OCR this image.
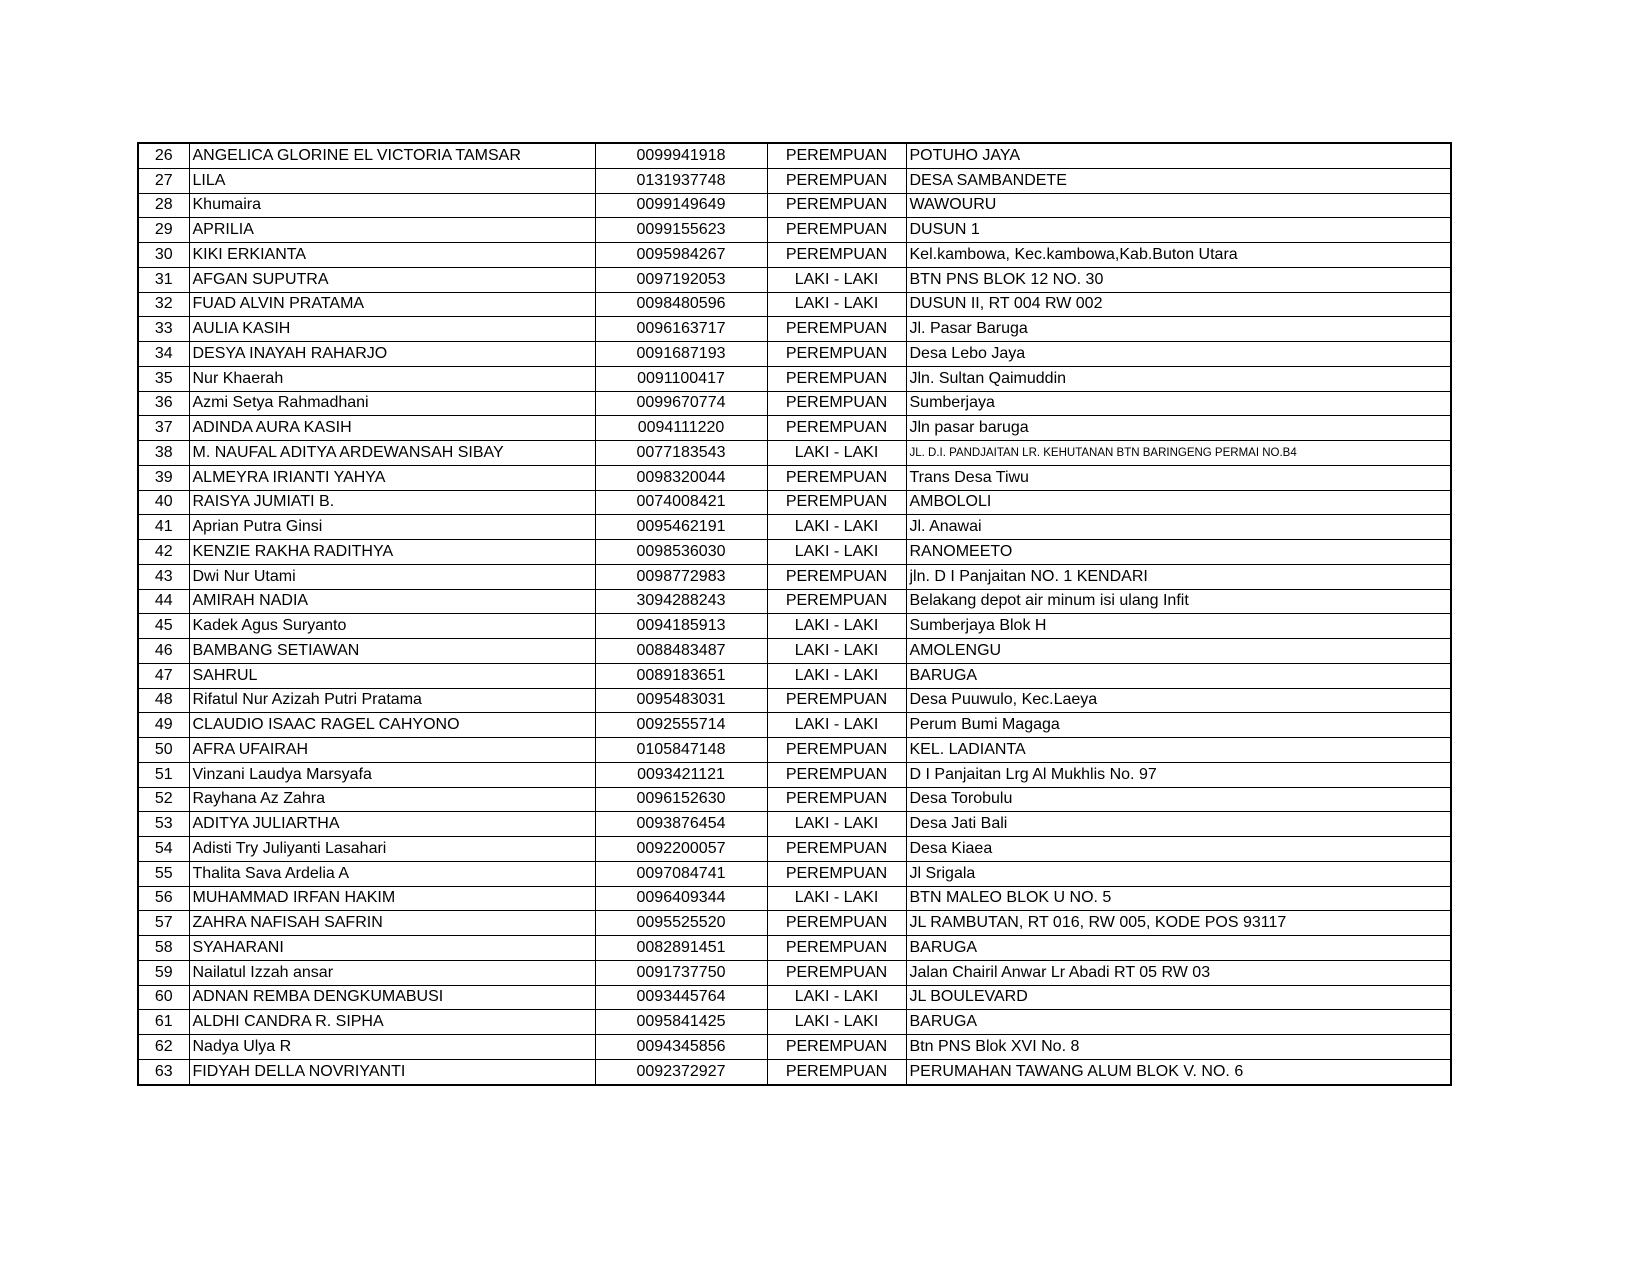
26	ANGELICA GLORINE EL VICTORIA TAMSAR	0099941918	PEREMPUAN	POTUHO JAYA
27	LILA	0131937748	PEREMPUAN	DESA SAMBANDETE
28	Khumaira	0099149649	PEREMPUAN	WAWOURU
29	APRILIA	0099155623	PEREMPUAN	DUSUN 1
30	KIKI ERKIANTA	0095984267	PEREMPUAN	Kel.kambowa, Kec.kambowa,Kab.Buton Utara
31	AFGAN SUPUTRA	0097192053	LAKI - LAKI	BTN PNS BLOK 12 NO. 30
32	FUAD ALVIN PRATAMA	0098480596	LAKI - LAKI	DUSUN II, RT 004 RW 002
33	AULIA KASIH	0096163717	PEREMPUAN	Jl. Pasar Baruga
34	DESYA INAYAH RAHARJO	0091687193	PEREMPUAN	Desa Lebo Jaya
35	Nur Khaerah	0091100417	PEREMPUAN	Jln. Sultan Qaimuddin
36	Azmi Setya Rahmadhani	0099670774	PEREMPUAN	Sumberjaya
37	ADINDA AURA KASIH	0094111220	PEREMPUAN	Jln pasar baruga
38	M. NAUFAL ADITYA ARDEWANSAH SIBAY	0077183543	LAKI - LAKI	JL. D.I. PANDJAITAN LR. KEHUTANAN BTN BARINGENG PERMAI NO.B4
39	ALMEYRA IRIANTI YAHYA	0098320044	PEREMPUAN	Trans Desa Tiwu
40	RAISYA JUMIATI B.	0074008421	PEREMPUAN	AMBOLOLI
41	Aprian Putra Ginsi	0095462191	LAKI - LAKI	Jl. Anawai
42	KENZIE RAKHA RADITHYA	0098536030	LAKI - LAKI	RANOMEETO
43	Dwi Nur Utami	0098772983	PEREMPUAN	jln. D I Panjaitan NO. 1 KENDARI
44	AMIRAH NADIA	3094288243	PEREMPUAN	Belakang depot air minum isi ulang Infit
45	Kadek Agus Suryanto	0094185913	LAKI - LAKI	Sumberjaya Blok H
46	BAMBANG SETIAWAN	0088483487	LAKI - LAKI	AMOLENGU
47	SAHRUL	0089183651	LAKI - LAKI	BARUGA
48	Rifatul Nur Azizah Putri Pratama	0095483031	PEREMPUAN	Desa Puuwulo, Kec.Laeya
49	CLAUDIO ISAAC RAGEL CAHYONO	0092555714	LAKI - LAKI	Perum Bumi Magaga
50	AFRA UFAIRAH	0105847148	PEREMPUAN	KEL. LADIANTA
51	Vinzani Laudya Marsyafa	0093421121	PEREMPUAN	D I Panjaitan Lrg Al Mukhlis No. 97
52	Rayhana Az Zahra	0096152630	PEREMPUAN	Desa Torobulu
53	ADITYA JULIARTHA	0093876454	LAKI - LAKI	Desa Jati Bali
54	Adisti Try Juliyanti Lasahari	0092200057	PEREMPUAN	Desa Kiaea
55	Thalita Sava Ardelia A	0097084741	PEREMPUAN	Jl Srigala
56	MUHAMMAD IRFAN HAKIM	0096409344	LAKI - LAKI	BTN MALEO BLOK U NO. 5
57	ZAHRA NAFISAH SAFRIN	0095525520	PEREMPUAN	JL RAMBUTAN, RT 016, RW 005, KODE POS 93117
58	SYAHARANI	0082891451	PEREMPUAN	BARUGA
59	Nailatul Izzah ansar	0091737750	PEREMPUAN	Jalan Chairil Anwar Lr Abadi RT 05 RW 03
60	ADNAN REMBA DENGKUMABUSI	0093445764	LAKI - LAKI	JL BOULEVARD
61	ALDHI CANDRA R. SIPHA	0095841425	LAKI - LAKI	BARUGA
62	Nadya Ulya R	0094345856	PEREMPUAN	Btn PNS Blok XVI No. 8
63	FIDYAH DELLA NOVRIYANTI	0092372927	PEREMPUAN	PERUMAHAN TAWANG ALUM BLOK V. NO. 6
